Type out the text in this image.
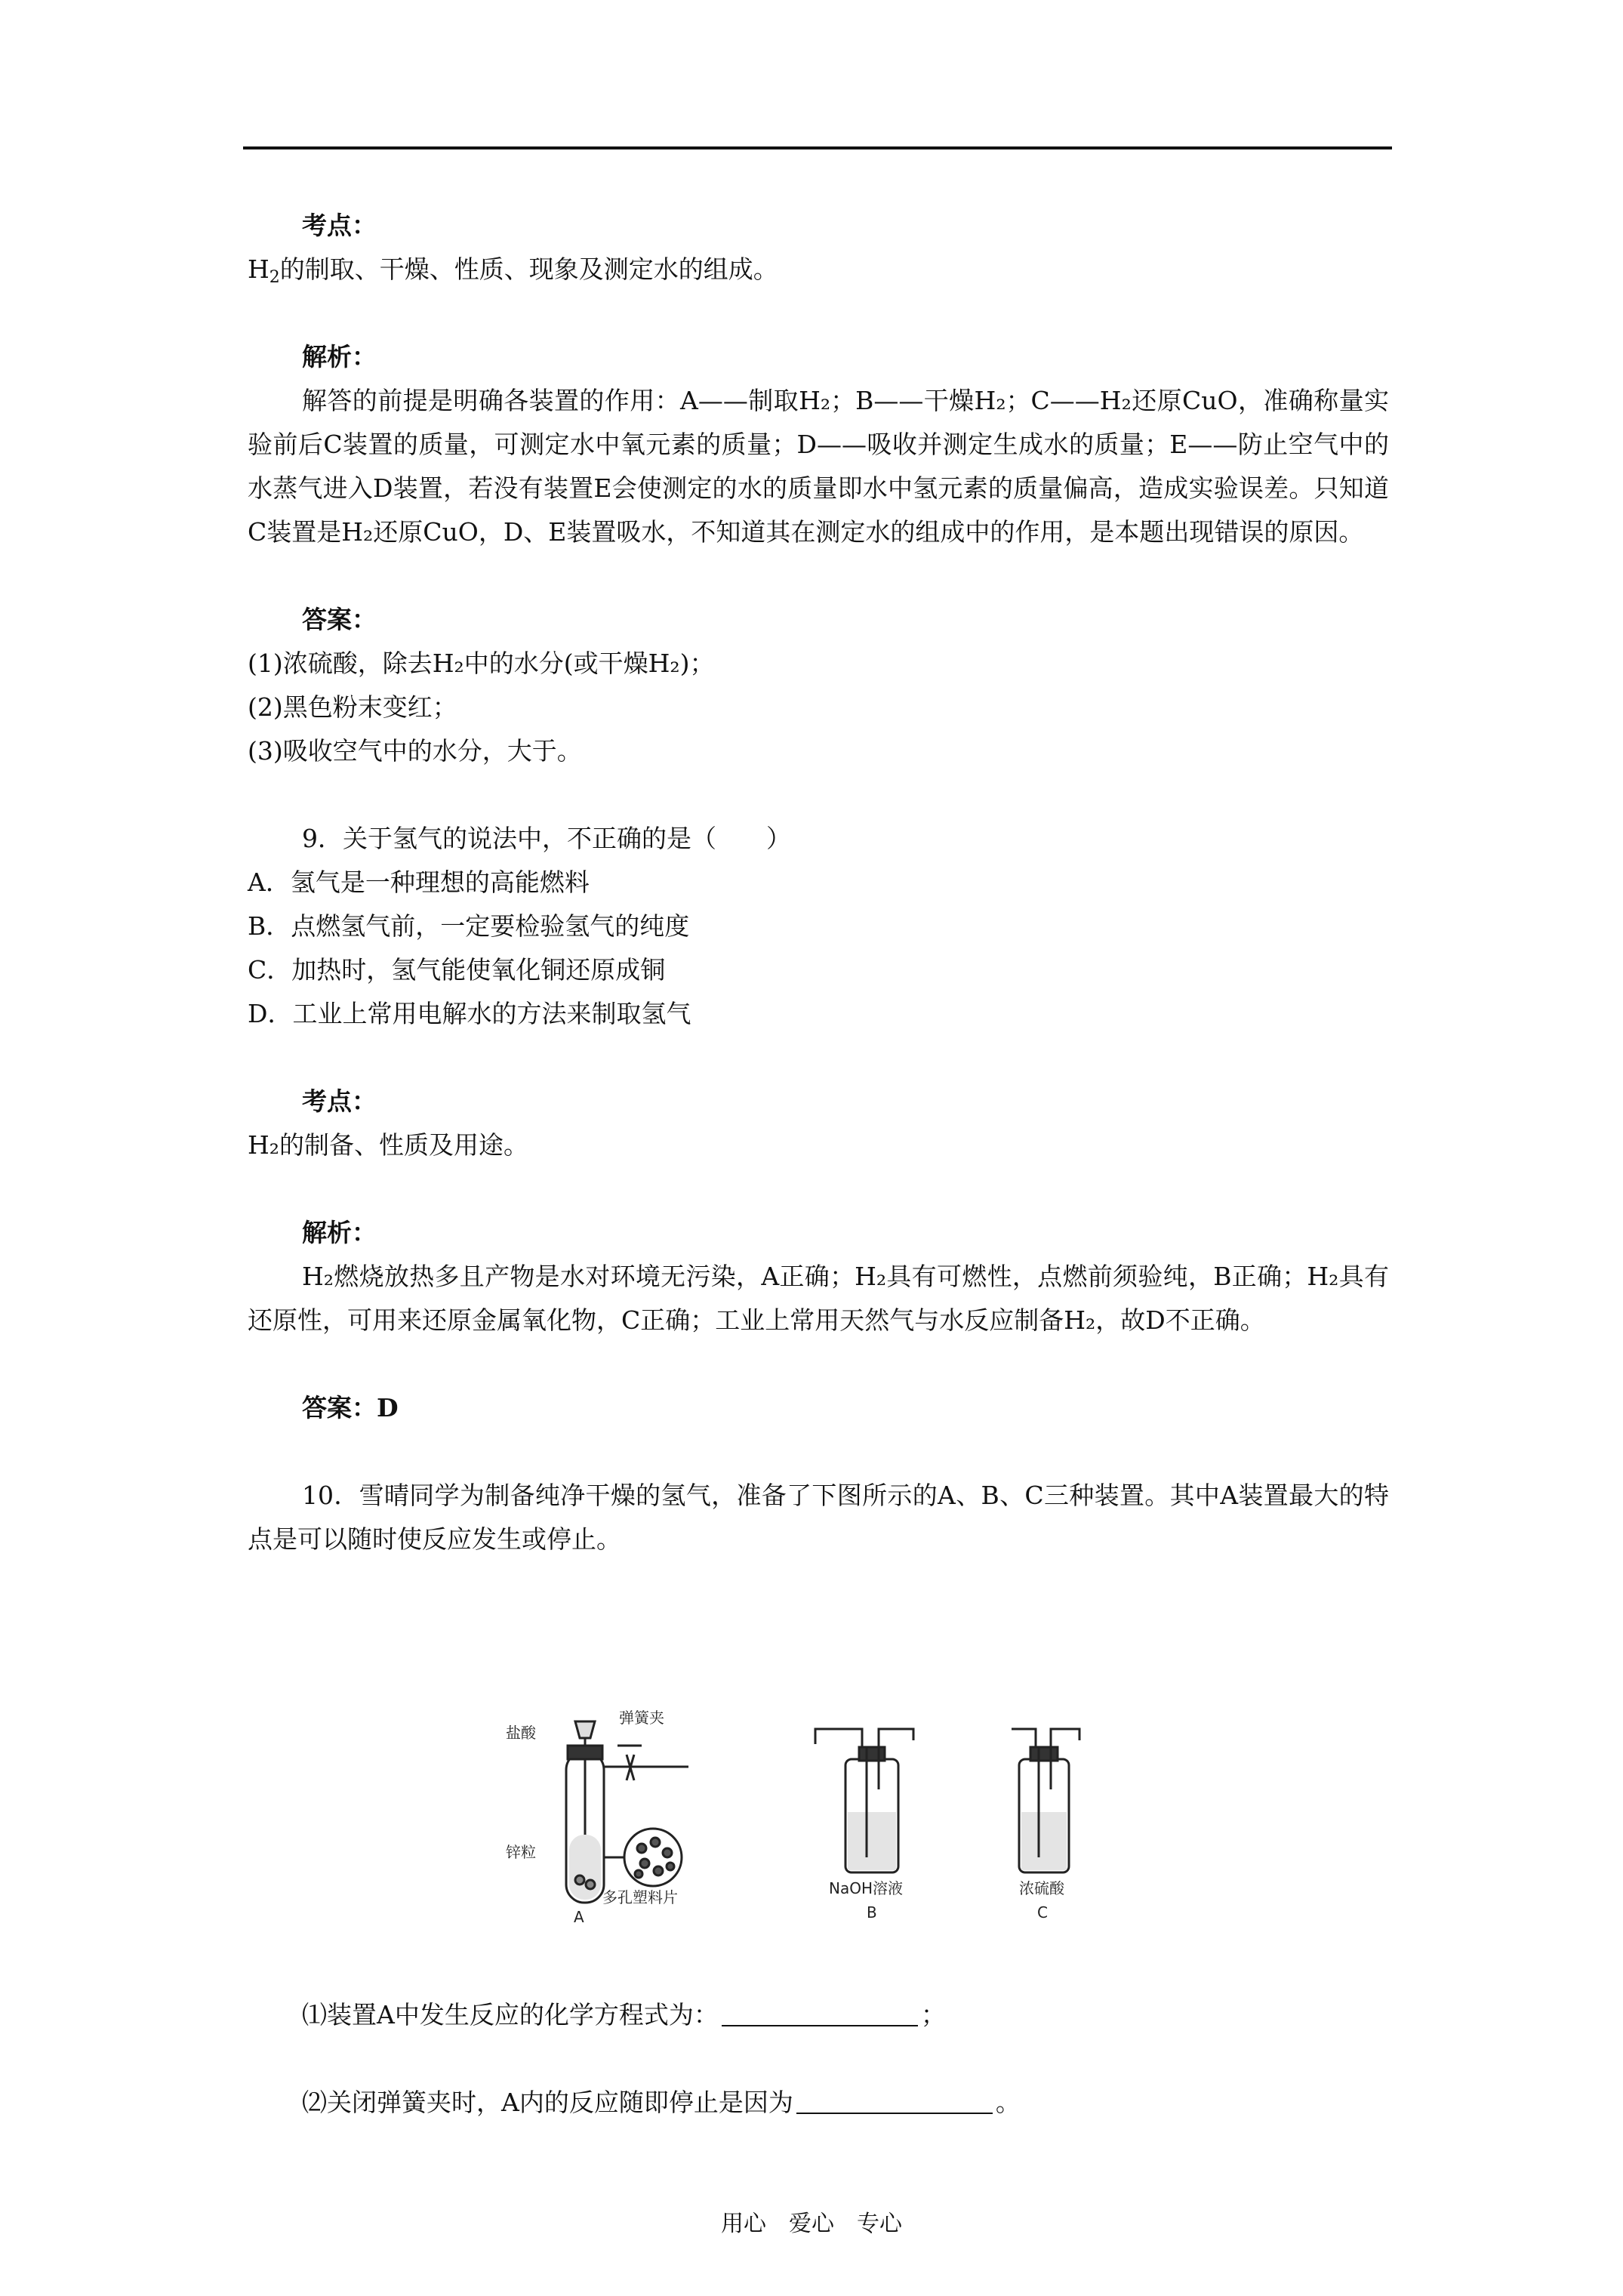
考点：
$H_2$的制取、干燥、性质、现象及测定水的组成。
解析：
解答的前提是明确各装置的作用：A——制取H₂；B——干燥H₂；C——H₂还原CuO，准确称量实验前后C装置的质量，可测定水中氧元素的质量；D——吸收并测定生成水的质量；E——防止空气中的水蒸气进入D装置，若没有装置E会使测定的水的质量即水中氢元素的质量偏高，造成实验误差。只知道C装置是H₂还原CuO，D、E装置吸水，不知道其在测定水的组成中的作用，是本题出现错误的原因。
答案：
(1)浓硫酸，除去H₂中的水分(或干燥H₂)；
(2)黑色粉末变红；
(3)吸收空气中的水分，大于。
9．关于氢气的说法中，不正确的是（　　）
A．氢气是一种理想的高能燃料
B．点燃氢气前，一定要检验氢气的纯度
C．加热时，氢气能使氧化铜还原成铜
D．工业上常用电解水的方法来制取氢气
考点：
H₂的制备、性质及用途。
解析：
H₂燃烧放热多且产物是水对环境无污染，A正确；H₂具有可燃性，点燃前须验纯，B正确；H₂具有还原性，可用来还原金属氧化物，C正确；工业上常用天然气与水反应制备H₂，故D不正确。
答案：D
10．雪晴同学为制备纯净干燥的氢气，准备了下图所示的A、B、C三种装置。其中A装置最大的特点是可以随时使反应发生或停止。
盐酸
弹簧夹
锌粒
多孔塑料片
A
NaOH溶液
B
浓硫酸
C
⑴装置A中发生反应的化学方程式为：	；
⑵关闭弹簧夹时，A内的反应随即停止是因为	。
用心　爱心　专心
